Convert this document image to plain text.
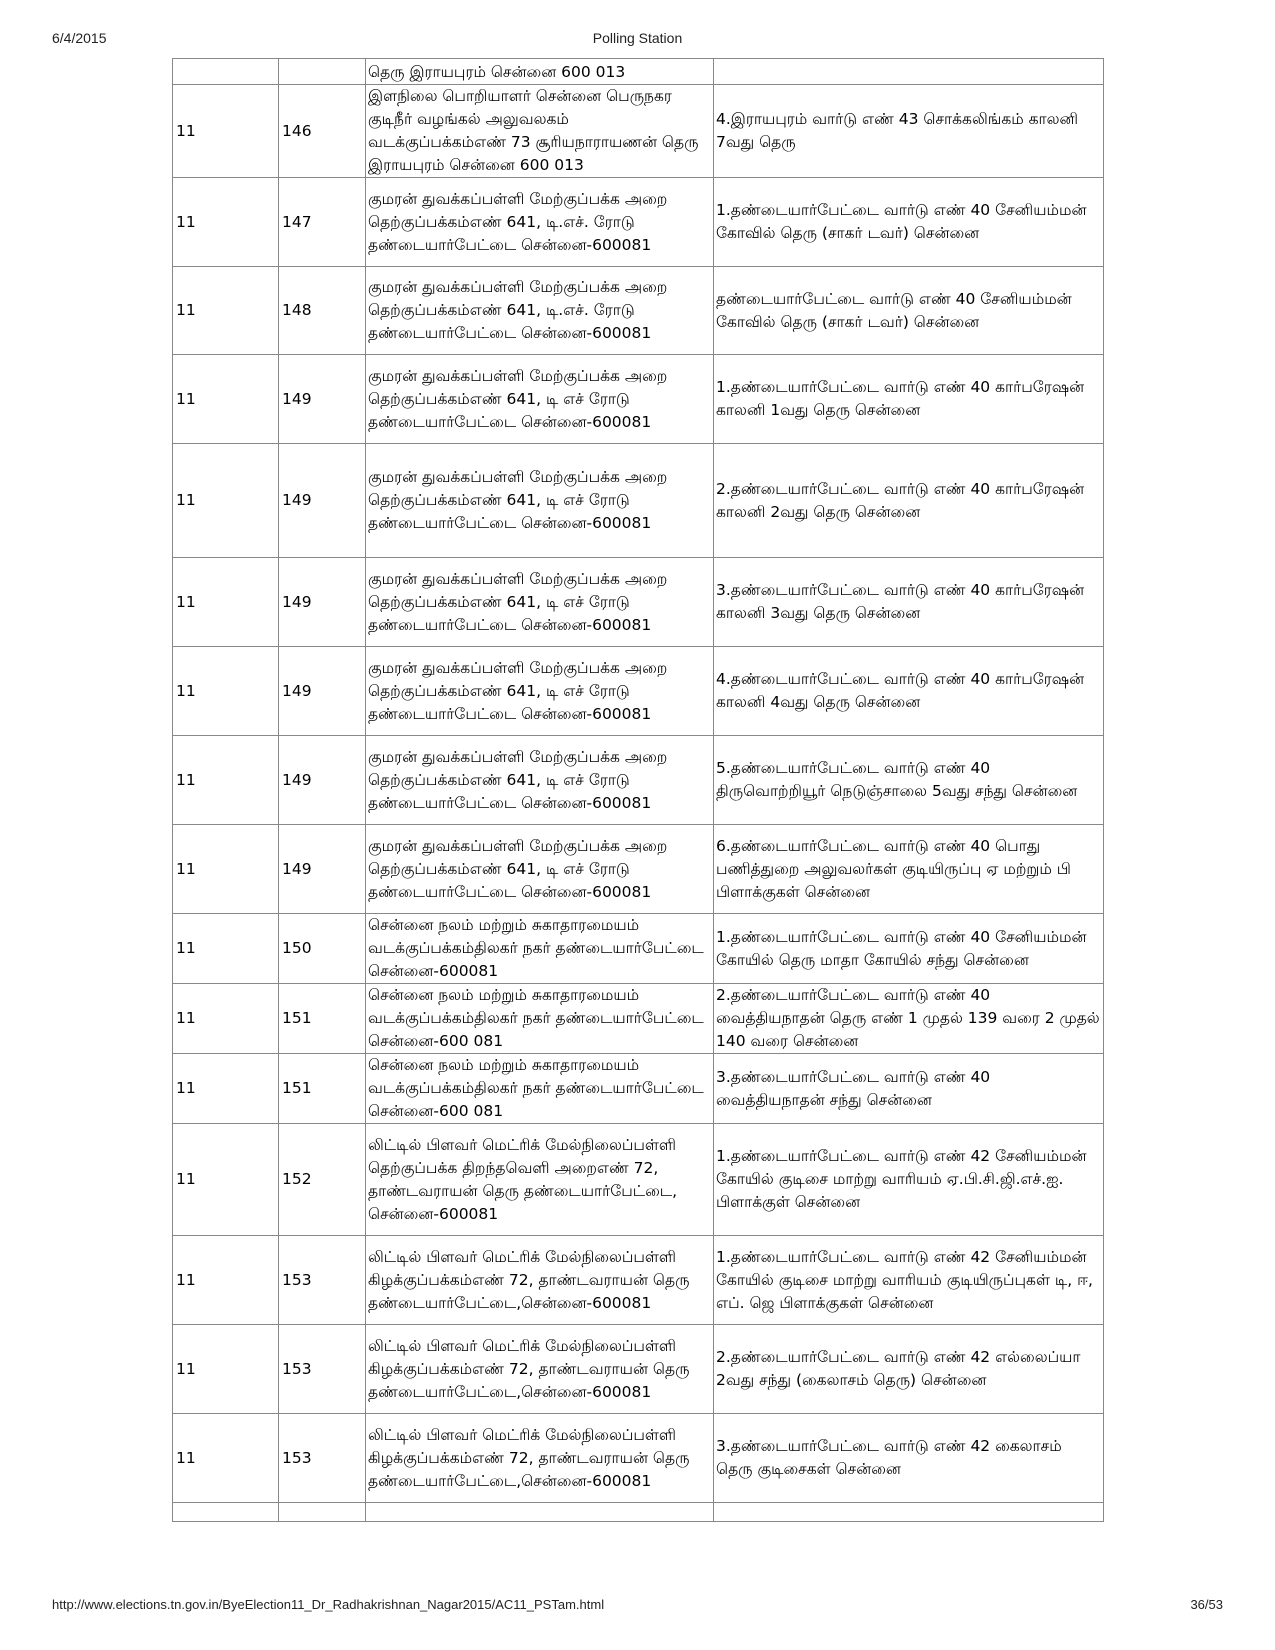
6/4/2015	Polling Station
		தெரு இராயபுரம் சென்னை 600 013	
11	146	இளநிலை பொறியாளர் சென்னை பெருநகர குடிநீர் வழங்கல் அலுவலகம் வடக்குப்பக்கம்எண் 73 சூரியநாராயணன் தெரு இராயபுரம் சென்னை 600 013	4.இராயபுரம் வார்டு எண் 43 சொக்கலிங்கம் காலனி 7வது தெரு
11	147	குமரன் துவக்கப்பள்ளி மேற்குப்பக்க அறை தெற்குப்பக்கம்எண் 641, டி.எச். ரோடு தண்டையார்பேட்டை சென்னை-600081	1.தண்டையார்பேட்டை வார்டு எண் 40 சேனியம்மன் கோவில் தெரு (சாகர் டவர்) சென்னை
11	148	குமரன் துவக்கப்பள்ளி மேற்குப்பக்க அறை தெற்குப்பக்கம்எண் 641, டி.எச். ரோடு தண்டையார்பேட்டை சென்னை-600081	தண்டையார்பேட்டை வார்டு எண் 40 சேனியம்மன் கோவில் தெரு (சாகர் டவர்) சென்னை
11	149	குமரன் துவக்கப்பள்ளி மேற்குப்பக்க அறை தெற்குப்பக்கம்எண் 641, டி எச் ரோடு தண்டையார்பேட்டை சென்னை-600081	1.தண்டையார்பேட்டை வார்டு எண் 40 கார்பரேஷன் காலனி 1வது தெரு சென்னை
11	149	குமரன் துவக்கப்பள்ளி மேற்குப்பக்க அறை தெற்குப்பக்கம்எண் 641, டி எச் ரோடு தண்டையார்பேட்டை சென்னை-600081	2.தண்டையார்பேட்டை வார்டு எண் 40 கார்பரேஷன் காலனி 2வது தெரு சென்னை
11	149	குமரன் துவக்கப்பள்ளி மேற்குப்பக்க அறை தெற்குப்பக்கம்எண் 641, டி எச் ரோடு தண்டையார்பேட்டை சென்னை-600081	3.தண்டையார்பேட்டை வார்டு எண் 40 கார்பரேஷன் காலனி 3வது தெரு சென்னை
11	149	குமரன் துவக்கப்பள்ளி மேற்குப்பக்க அறை தெற்குப்பக்கம்எண் 641, டி எச் ரோடு தண்டையார்பேட்டை சென்னை-600081	4.தண்டையார்பேட்டை வார்டு எண் 40 கார்பரேஷன் காலனி 4வது தெரு சென்னை
11	149	குமரன் துவக்கப்பள்ளி மேற்குப்பக்க அறை தெற்குப்பக்கம்எண் 641, டி எச் ரோடு தண்டையார்பேட்டை சென்னை-600081	5.தண்டையார்பேட்டை வார்டு எண் 40 திருவொற்றியூர் நெடுஞ்சாலை 5வது சந்து சென்னை
11	149	குமரன் துவக்கப்பள்ளி மேற்குப்பக்க அறை தெற்குப்பக்கம்எண் 641, டி எச் ரோடு தண்டையார்பேட்டை சென்னை-600081	6.தண்டையார்பேட்டை வார்டு எண் 40 பொது பணித்துறை அலுவலர்கள் குடியிருப்பு ஏ மற்றும் பி பிளாக்குகள் சென்னை
11	150	சென்னை நலம் மற்றும் சுகாதாரமையம் வடக்குப்பக்கம்திலகர் நகர் தண்டையார்பேட்டை சென்னை-600081	1.தண்டையார்பேட்டை வார்டு எண் 40 சேனியம்மன் கோயில் தெரு மாதா கோயில் சந்து சென்னை
11	151	சென்னை நலம் மற்றும் சுகாதாரமையம் வடக்குப்பக்கம்திலகர் நகர் தண்டையார்பேட்டை சென்னை-600 081	2.தண்டையார்பேட்டை வார்டு எண் 40 வைத்தியநாதன் தெரு எண் 1 முதல் 139 வரை 2 முதல் 140 வரை சென்னை
11	151	சென்னை நலம் மற்றும் சுகாதாரமையம் வடக்குப்பக்கம்திலகர் நகர் தண்டையார்பேட்டை சென்னை-600 081	3.தண்டையார்பேட்டை வார்டு எண் 40 வைத்தியநாதன் சந்து சென்னை
11	152	லிட்டில் பிளவர் மெட்ரிக் மேல்நிலைப்பள்ளி தெற்குப்பக்க திறந்தவெளி அறைஎண் 72, தாண்டவராயன் தெரு தண்டையார்பேட்டை, சென்னை-600081	1.தண்டையார்பேட்டை வார்டு எண் 42 சேனியம்மன் கோயில் குடிசை மாற்று வாரியம் ஏ.பி.சி.ஜி.எச்.ஐ. பிளாக்குள் சென்னை
11	153	லிட்டில் பிளவர் மெட்ரிக் மேல்நிலைப்பள்ளி கிழக்குப்பக்கம்எண் 72, தாண்டவராயன் தெரு தண்டையார்பேட்டை,சென்னை-600081	1.தண்டையார்பேட்டை வார்டு எண் 42 சேனியம்மன் கோயில் குடிசை மாற்று வாரியம் குடியிருப்புகள் டி, ஈ, எப். ஜெ பிளாக்குகள் சென்னை
11	153	லிட்டில் பிளவர் மெட்ரிக் மேல்நிலைப்பள்ளி கிழக்குப்பக்கம்எண் 72, தாண்டவராயன் தெரு தண்டையார்பேட்டை,சென்னை-600081	2.தண்டையார்பேட்டை வார்டு எண் 42 எல்லைப்யா 2வது சந்து (கைலாசம் தெரு) சென்னை
11	153	லிட்டில் பிளவர் மெட்ரிக் மேல்நிலைப்பள்ளி கிழக்குப்பக்கம்எண் 72, தாண்டவராயன் தெரு தண்டையார்பேட்டை,சென்னை-600081	3.தண்டையார்பேட்டை வார்டு எண் 42 கைலாசம் தெரு குடிசைகள் சென்னை

http://www.elections.tn.gov.in/ByeElection11_Dr_Radhakrishnan_Nagar2015/AC11_PSTam.html	36/53
